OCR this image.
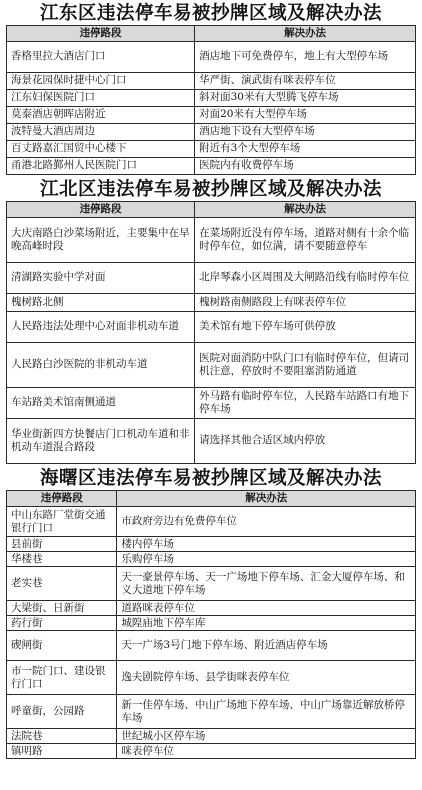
江东区违法停车易被抄牌区域及解决办法
违停路段	解决办法
香格里拉大酒店门口	酒店地下可免费停车，地上有大型停车场
海景花园保时捷中心门口	华严街、演武街有咪表停车位
江东妇保医院门口	斜对面30米有大型腾飞停车场
莫泰酒店朝晖店附近	对面20米有大型停车场
波特曼大酒店周边	酒店地下设有大型停车场
百丈路嘉汇国贸中心楼下	附近有3个大型停车场
甬港北路鄞州人民医院门口	医院内有收费停车场
江北区违法停车易被抄牌区域及解决办法
违停路段	解决办法
大庆南路白沙菜场附近，主要集中在早晚高峰时段	在菜场附近没有停车场，道路对侧有十余个临时停车位，如位满，请不要随意停车
清湖路实验中学对面	北岸琴森小区周围及大闸路沿线有临时停车位
槐树路北侧	槐树路南侧路段上有咪表停车位
人民路违法处理中心对面非机动车道	美术馆有地下停车场可供停放
人民路白沙医院的非机动车道	医院对面消防中队门口有临时停车位，但请司机注意，停放时不要阻塞消防通道
车站路美术馆南侧通道	外马路有临时停车位，人民路车站路口有地下停车场
华业街新四方快餐店门口机动车道和非机动车道混合路段	请选择其他合适区域内停放
海曙区违法停车易被抄牌区域及解决办法
违停路段	解决办法
中山东路厂堂街交通银行门口	市政府旁边有免费停车位
县前街	楼内停车场
华楼巷	乐购停车场
老实巷	天一豪景停车场、天一广场地下停车场、汇金大厦停车场、和义大道地下停车场
大梁街、日新街	道路咪表停车位
药行街	城隍庙地下停车库
碶闸街	天一广场3号门地下停车场、附近酒店停车场
市一院门口、建设银行门口	逸夫剧院停车场、县学街咪表停车位
呼童街，公园路	新一佳停车场、中山广场地下停车场、中山广场靠近解放桥停车场
法院巷	世纪城小区停车场
镇明路	咪表停车位
